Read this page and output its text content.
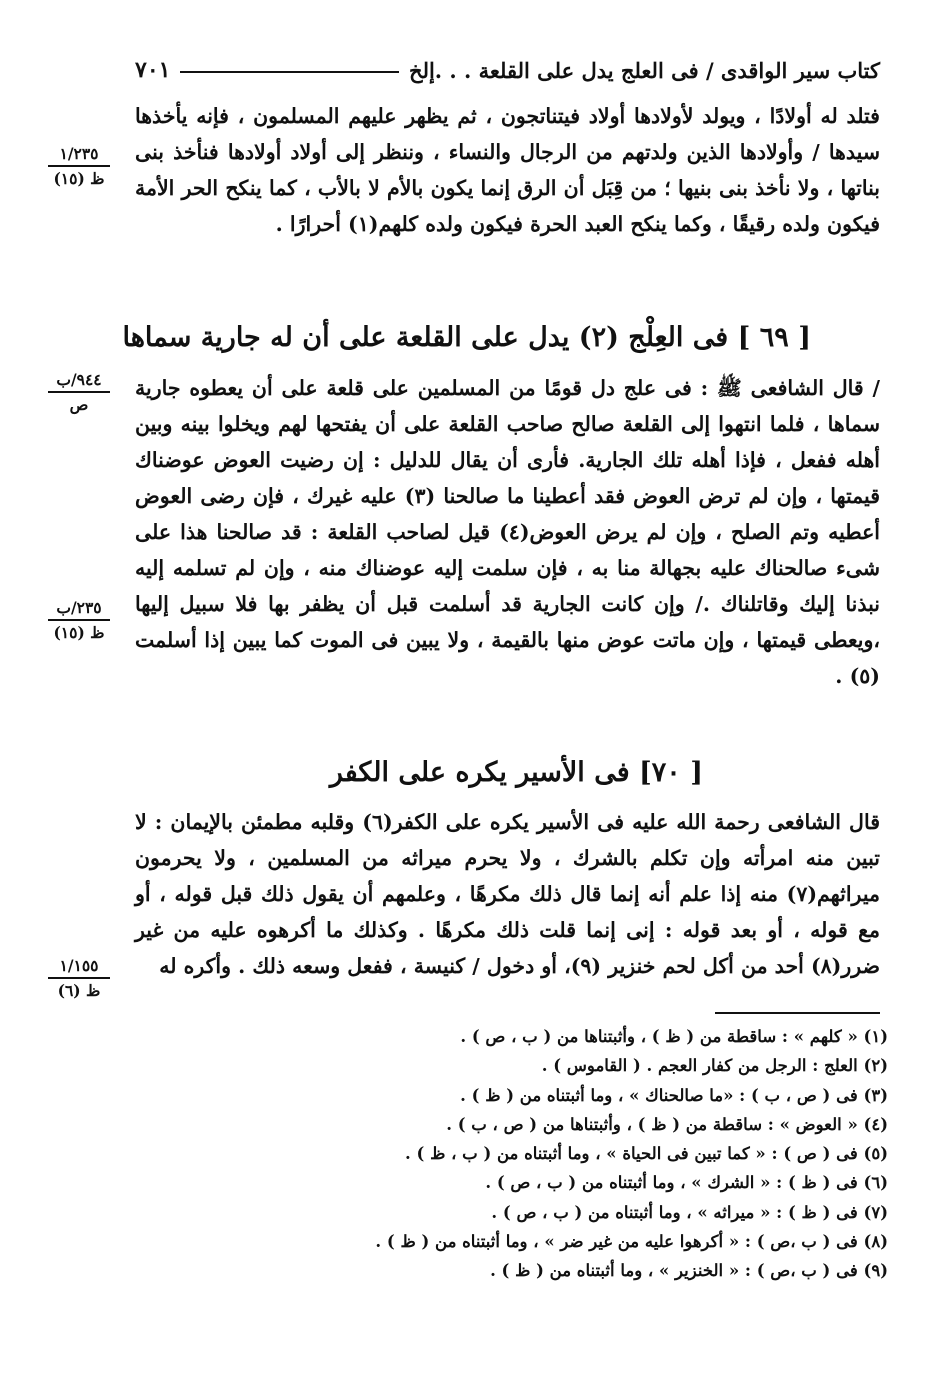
كتاب سير الواقدى / فى العلج يدل على القلعة . . .إلخ
٧٠١

فتلد له أولادًا ، ويولد لأولادها أولاد فيتناتجون ، ثم يظهر عليهم المسلمون ، فإنه يأخذها سيدها / وأولادها الذين ولدتهم من الرجال والنساء ، وننظر إلى أولاد أولادها فنأخذ بنى بناتها ، ولا نأخذ بنى بنيها ؛ من قِبَل أن الرق إنما يكون بالأم لا بالأب ، كما ينكح الحر الأمة فيكون ولده رقيقًا ، وكما ينكح العبد الحرة فيكون ولده كلهم(١) أحرارًا .

[ ٦٩ ] فى العِلْج (٢) يدل على القلعة على أن له جارية سماها

/ قال الشافعى ﷺ : فى علج دل قومًا من المسلمين على قلعة على أن يعطوه جارية سماها ، فلما انتهوا إلى القلعة صالح صاحب القلعة على أن يفتحها لهم ويخلوا بينه وبين أهله ففعل ، فإذا أهله تلك الجارية. فأرى أن يقال للدليل : إن رضيت العوض عوضناك قيمتها ، وإن لم ترض العوض فقد أعطينا ما صالحنا (٣) عليه غيرك ، فإن رضى العوض أعطيه وتم الصلح ، وإن لم يرض العوض(٤) قيل لصاحب القلعة : قد صالحنا هذا على شىء صالحناك عليه بجهالة منا به ، فإن سلمت إليه عوضناك منه ، وإن لم تسلمه إليه نبذنا إليك وقاتلناك ./ وإن كانت الجارية قد أسلمت قبل أن يظفر بها فلا سبيل إليها ،ويعطى قيمتها ، وإن ماتت عوض منها بالقيمة ، ولا يبين فى الموت كما يبين إذا أسلمت (٥) .

[ ٧٠] فى الأسير يكره على الكفر

قال الشافعى رحمة الله عليه فى الأسير يكره على الكفر(٦) وقلبه مطمئن بالإيمان : لا تبين منه امرأته وإن تكلم بالشرك ، ولا يحرم ميراثه من المسلمين ، ولا يحرمون ميراثهم(٧) منه إذا علم أنه إنما قال ذلك مكرهًا ، وعلمهم أن يقول ذلك قبل قوله ، أو مع قوله ، أو بعد قوله : إنى إنما قلت ذلك مكرهًا . وكذلك ما أكرهوه عليه من غير ضرر(٨) أحد من أكل لحم خنزير (٩)، أو دخول / كنيسة ، ففعل وسعه ذلك . وأكره له

١/٢٣٥
ظ (١٥)
٩٤٤/ب
ص
٢٣٥/ب
ظ (١٥)
١/١٥٥
ظ (٦)
(١) « كلهم » : ساقطة من ( ظ ) ، وأثبتناها من ( ب ، ص ) .
(٢) العلج : الرجل من كفار العجم . ( القاموس ) .
(٣) فى ( ص ، ب ) : «ما صالحناك » ، وما أثبتناه من ( ظ ) .
(٤) « العوض » : ساقطة من ( ظ ) ، وأثبتناها من ( ص ، ب ) .
(٥) فى ( ص ) : « كما تبين فى الحياة » ، وما أثبتناه من ( ب ، ظ ) .
(٦) فى ( ظ ) : « الشرك » ، وما أثبتناه من ( ب ، ص ) .
(٧) فى ( ظ ) : « ميراثه » ، وما أثبتناه من ( ب ، ص ) .
(٨) فى ( ب ،ص ) : « أكرهوا عليه من غير ضر » ، وما أثبتناه من ( ظ ) .
(٩) فى ( ب ،ص ) : « الخنزير » ، وما أثبتناه من ( ظ ) .
